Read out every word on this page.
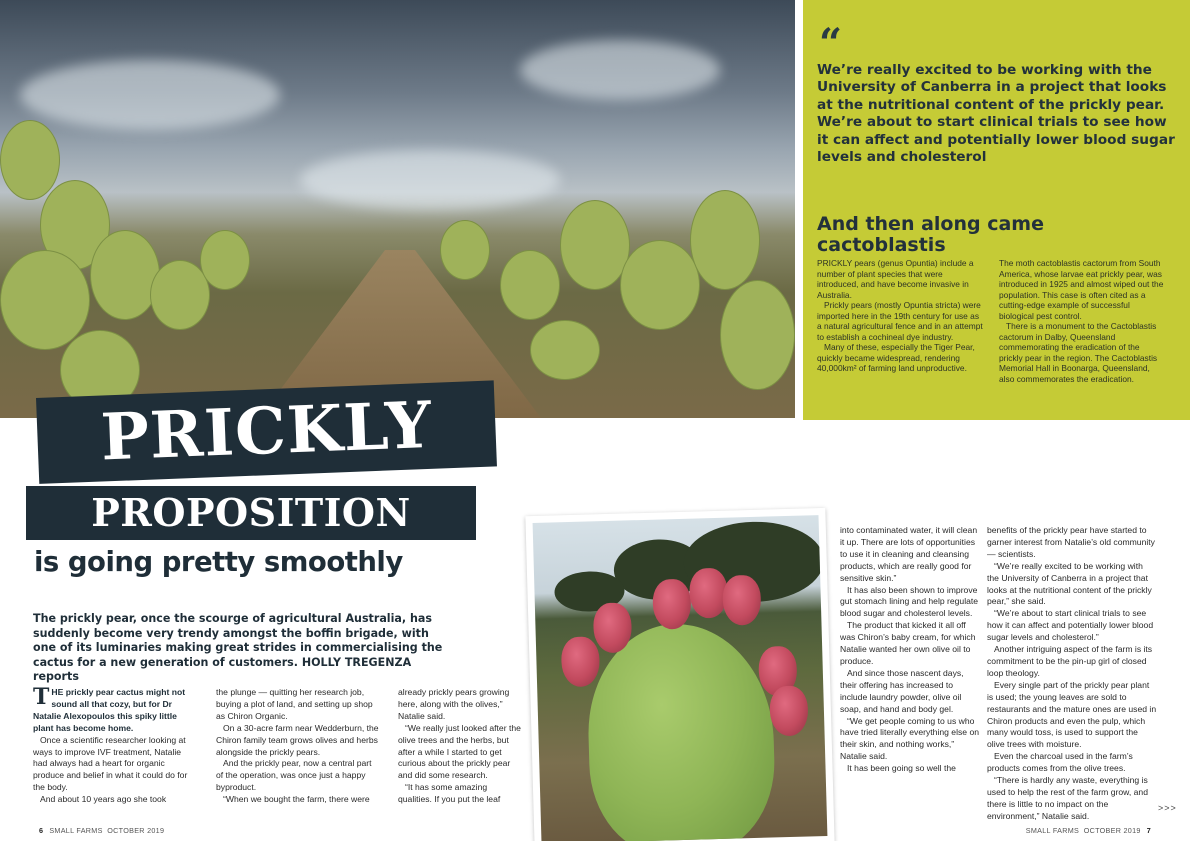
“
We’re really excited to be working with the University of Canberra in a project that looks at the nutritional content of the prickly pear. We’re about to start clinical trials to see how it can affect and potentially lower blood sugar levels and cholesterol
And then along came cactoblastis

PRICKLY pears (genus Opuntia) include a number of plant species that were introduced, and have become invasive in Australia.

Prickly pears (mostly Opuntia stricta) were imported here in the 19th century for use as a natural agricultural fence and in an attempt to establish a cochineal dye industry.

Many of these, especially the Tiger Pear, quickly became widespread, rendering 40,000km² of farming land unproductive.

The moth cactoblastis cactorum from South America, whose larvae eat prickly pear, was introduced in 1925 and almost wiped out the population. This case is often cited as a cutting-edge example of successful biological pest control.

There is a monument to the Cactoblastis cactorum in Dalby, Queensland commemorating the eradication of the prickly pear in the region. The Cactoblastis Memorial Hall in Boonarga, Queensland, also commemorates the eradication.

PRICKLY
PROPOSITION
is going pretty smoothly
The prickly pear, once the scourge of agricultural Australia, has suddenly become very trendy amongst the boffin brigade, with one of its luminaries making great strides in commercialising the cactus for a new generation of customers. HOLLY TREGENZA reports

THE prickly pear cactus might not sound all that cozy, but for Dr Natalie Alexopoulos this spiky little plant has become home.

Once a scientific researcher looking at ways to improve IVF treatment, Natalie had always had a heart for organic produce and belief in what it could do for the body.

And about 10 years ago she took

the plunge — quitting her research job, buying a plot of land, and setting up shop as Chiron Organic.

On a 30-acre farm near Wedderburn, the Chiron family team grows olives and herbs alongside the prickly pears.

And the prickly pear, now a central part of the operation, was once just a happy byproduct.

“When we bought the farm, there were

already prickly pears growing here, along with the olives,” Natalie said.

“We really just looked after the olive trees and the herbs, but after a while I started to get curious about the prickly pear and did some research.

“It has some amazing qualities. If you put the leaf

into contaminated water, it will clean it up. There are lots of opportunities to use it in cleaning and cleansing products, which are really good for sensitive skin.”

It has also been shown to improve gut stomach lining and help regulate blood sugar and cholesterol levels.

The product that kicked it all off was Chiron’s baby cream, for which Natalie wanted her own olive oil to produce.

And since those nascent days, their offering has increased to include laundry powder, olive oil soap, and hand and body gel.

“We get people coming to us who have tried literally everything else on their skin, and nothing works,” Natalie said.

It has been going so well the

benefits of the prickly pear have started to garner interest from Natalie’s old community — scientists.

“We’re really excited to be working with the University of Canberra in a project that looks at the nutritional content of the prickly pear,” she said.

“We’re about to start clinical trials to see how it can affect and potentially lower blood sugar levels and cholesterol.”

Another intriguing aspect of the farm is its commitment to be the pin-up girl of closed loop theology.

Every single part of the prickly pear plant is used; the young leaves are sold to restaurants and the mature ones are used in Chiron products and even the pulp, which many would toss, is used to support the olive trees with moisture.

Even the charcoal used in the farm’s products comes from the olive trees.

“There is hardly any waste, everything is used to help the rest of the farm grow, and there is little to no impact on the environment,” Natalie said.

>>>
6 SMALL FARMS OCTOBER 2019	SMALL FARMS OCTOBER 2019 7
